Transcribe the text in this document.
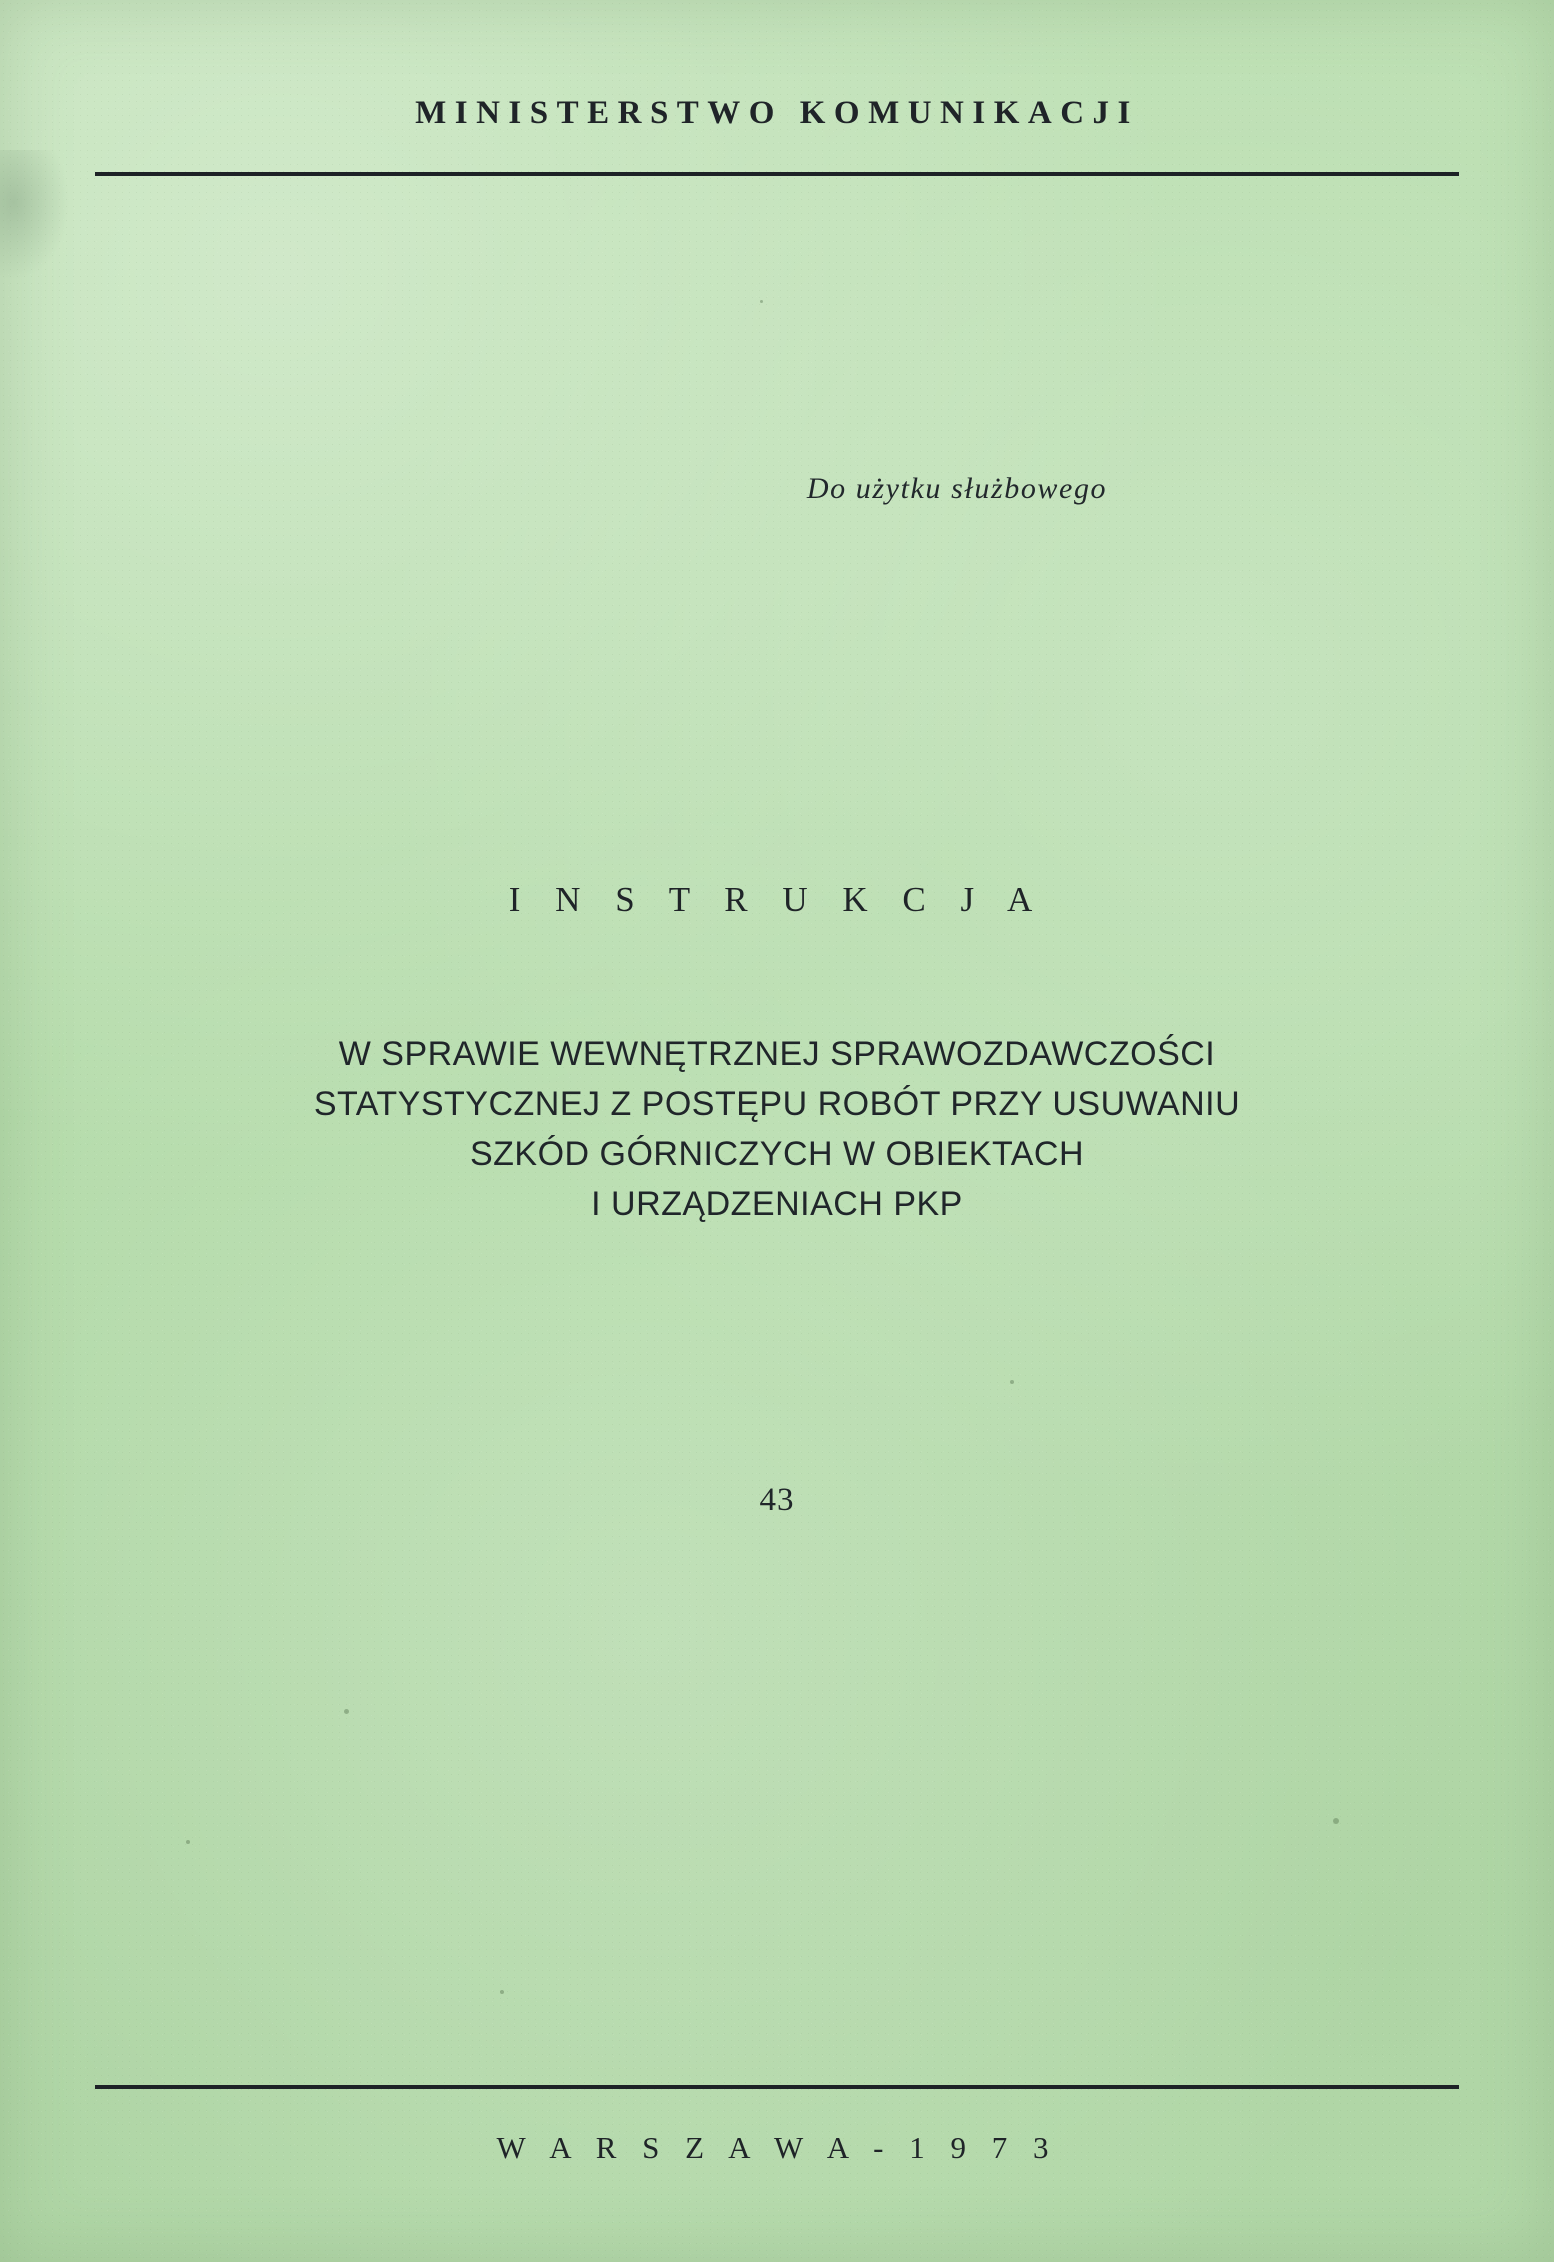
MINISTERSTWO KOMUNIKACJI
Do użytku służbowego
I N S T R U K C J A
W SPRAWIE WEWNĘTRZNEJ SPRAWOZDAWCZOŚCI
STATYSTYCZNEJ Z POSTĘPU ROBÓT PRZY USUWANIU
SZKÓD GÓRNICZYCH W OBIEKTACH
I URZĄDZENIACH PKP
43
W A R S Z A W A - 1 9 7 3
